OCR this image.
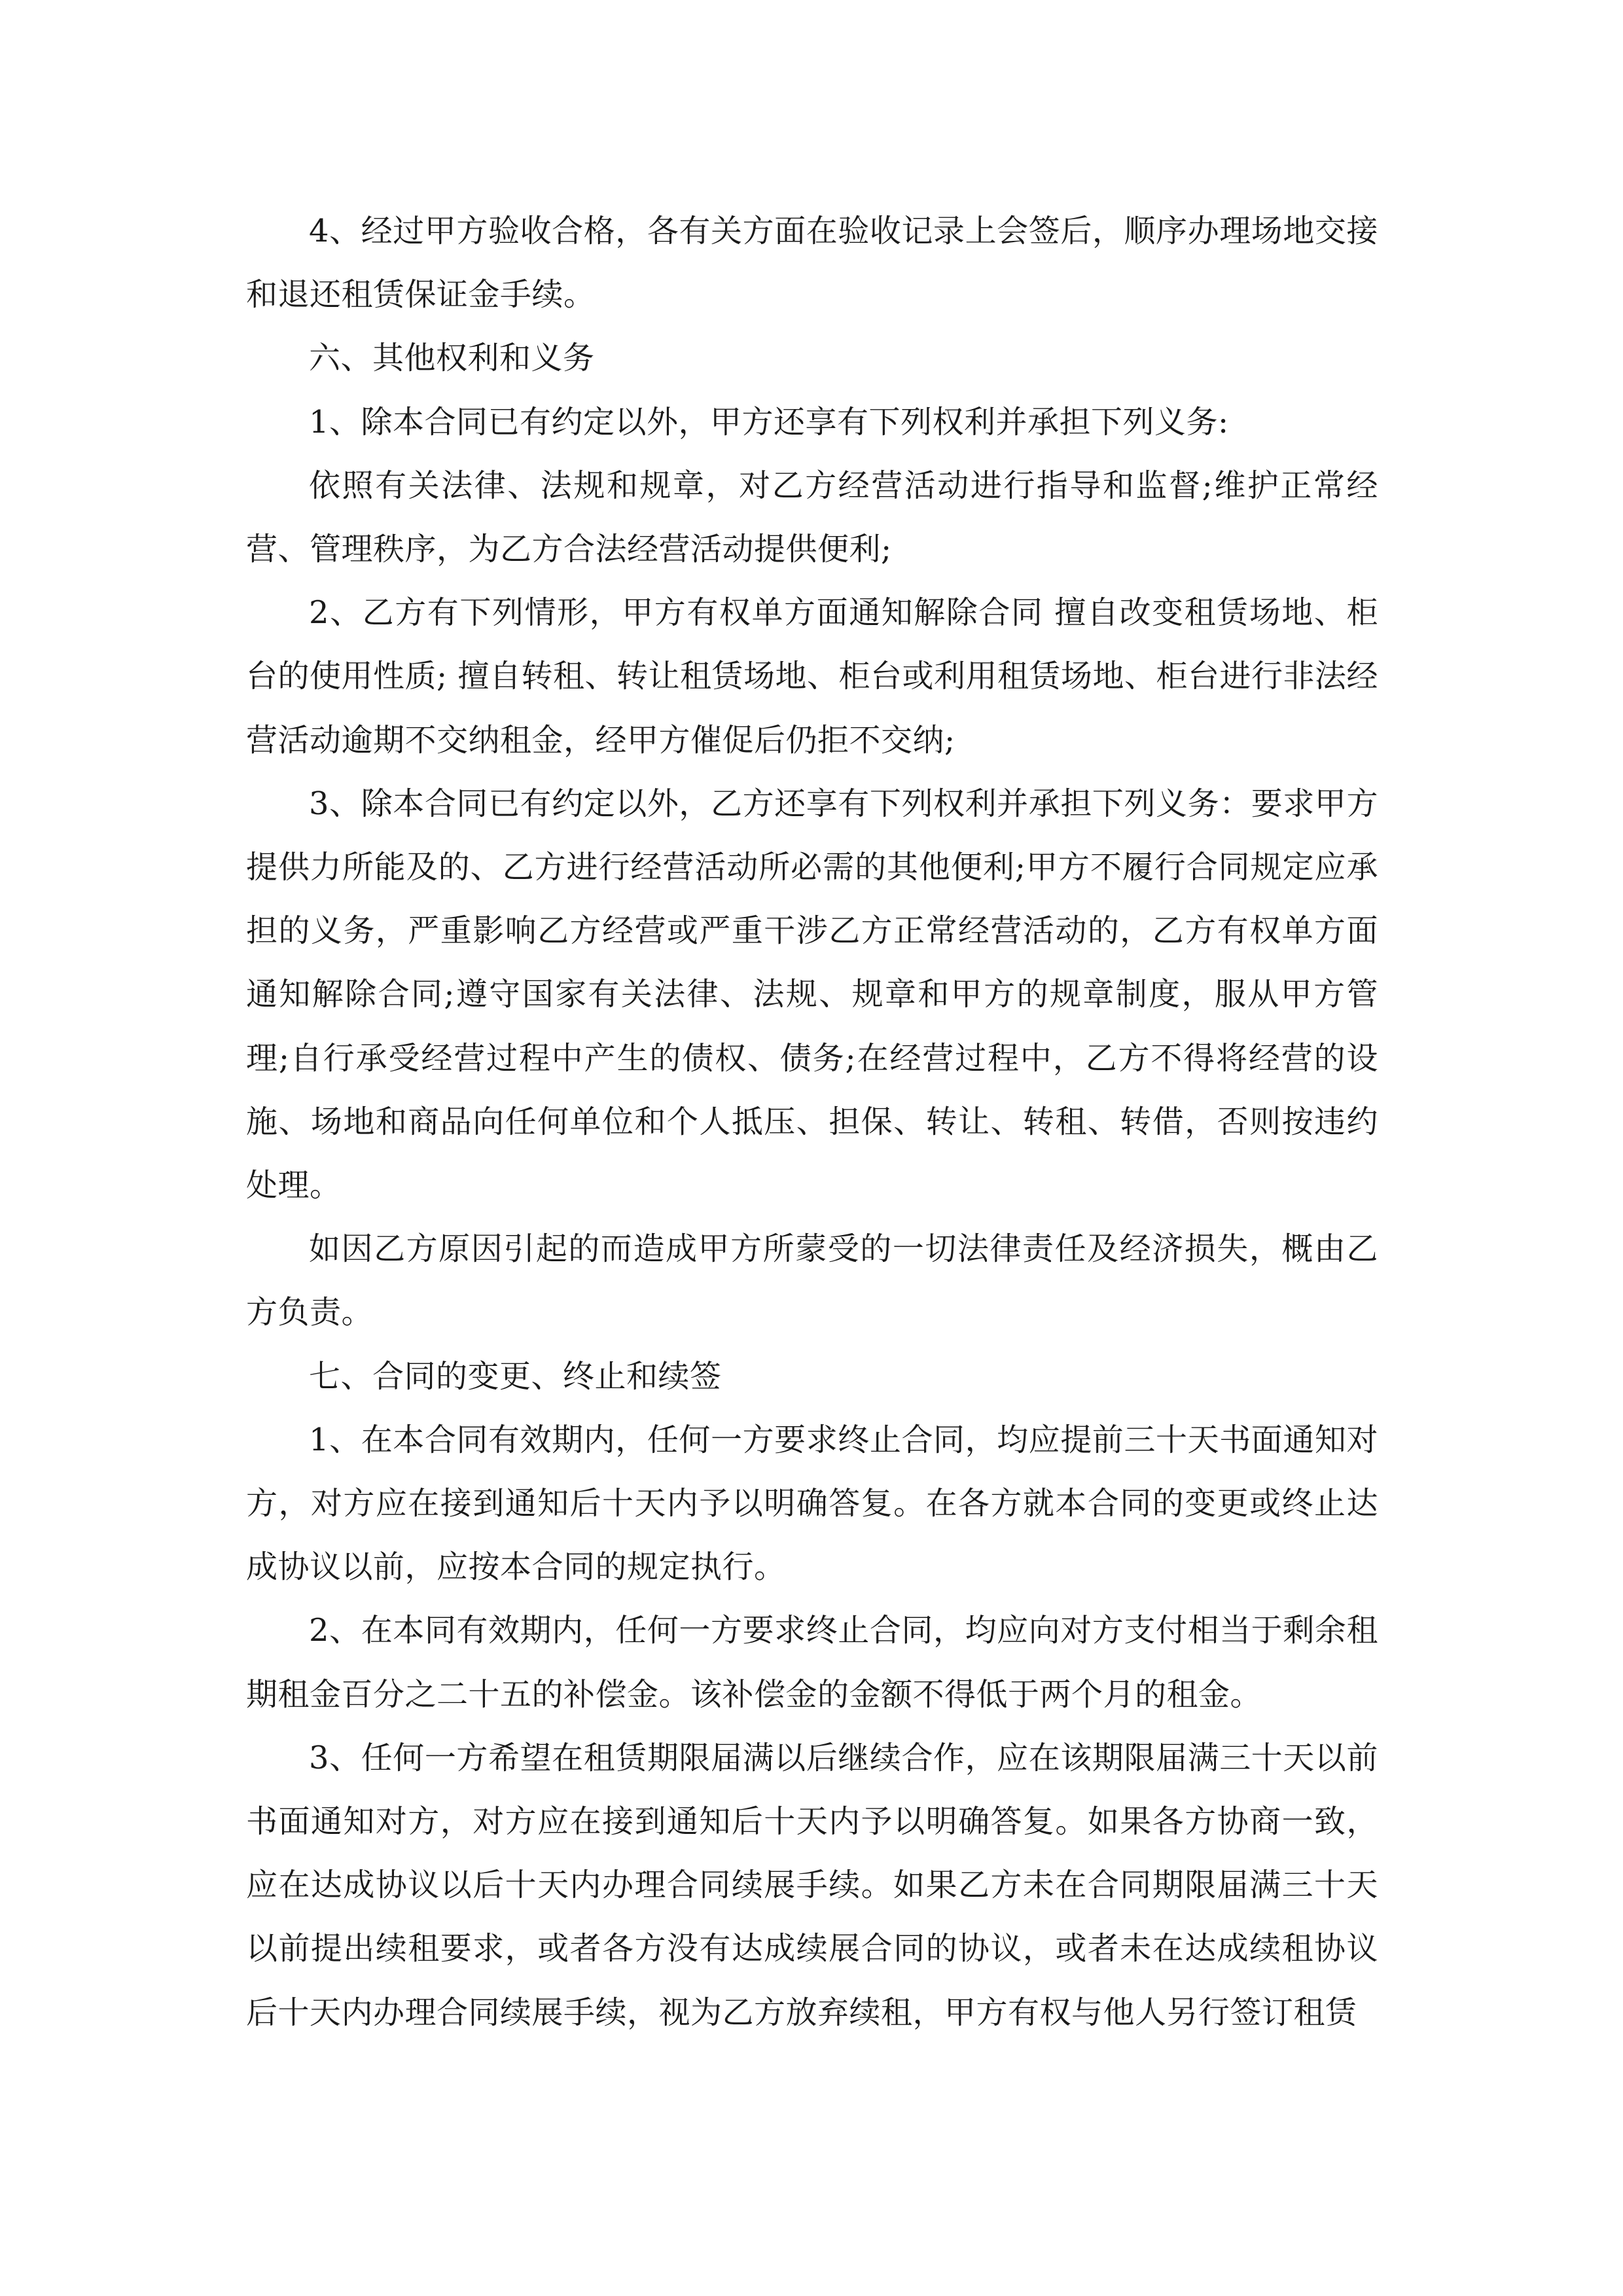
4、经过甲方验收合格，各有关方面在验收记录上会签后，顺序办理场地交接和退还租赁保证金手续。

六、其他权利和义务

1、除本合同已有约定以外，甲方还享有下列权利并承担下列义务:

依照有关法律、法规和规章，对乙方经营活动进行指导和监督;维护正常经营、管理秩序，为乙方合法经营活动提供便利;

2、乙方有下列情形，甲方有权单方面通知解除合同 擅自改变租赁场地、柜台的使用性质; 擅自转租、转让租赁场地、柜台或利用租赁场地、柜台进行非法经营活动逾期不交纳租金，经甲方催促后仍拒不交纳;

3、除本合同已有约定以外，乙方还享有下列权利并承担下列义务：要求甲方提供力所能及的、乙方进行经营活动所必需的其他便利;甲方不履行合同规定应承担的义务，严重影响乙方经营或严重干涉乙方正常经营活动的，乙方有权单方面通知解除合同;遵守国家有关法律、法规、规章和甲方的规章制度，服从甲方管理;自行承受经营过程中产生的债权、债务;在经营过程中，乙方不得将经营的设施、场地和商品向任何单位和个人抵压、担保、转让、转租、转借，否则按违约处理。

如因乙方原因引起的而造成甲方所蒙受的一切法律责任及经济损失，概由乙方负责。

七、合同的变更、终止和续签

1、在本合同有效期内，任何一方要求终止合同，均应提前三十天书面通知对方，对方应在接到通知后十天内予以明确答复。在各方就本合同的变更或终止达成协议以前，应按本合同的规定执行。

2、在本同有效期内，任何一方要求终止合同，均应向对方支付相当于剩余租期租金百分之二十五的补偿金。该补偿金的金额不得低于两个月的租金。

3、任何一方希望在租赁期限届满以后继续合作，应在该期限届满三十天以前书面通知对方，对方应在接到通知后十天内予以明确答复。如果各方协商一致，应在达成协议以后十天内办理合同续展手续。如果乙方未在合同期限届满三十天以前提出续租要求，或者各方没有达成续展合同的协议，或者未在达成续租协议后十天内办理合同续展手续，视为乙方放弃续租，甲方有权与他人另行签订租赁
